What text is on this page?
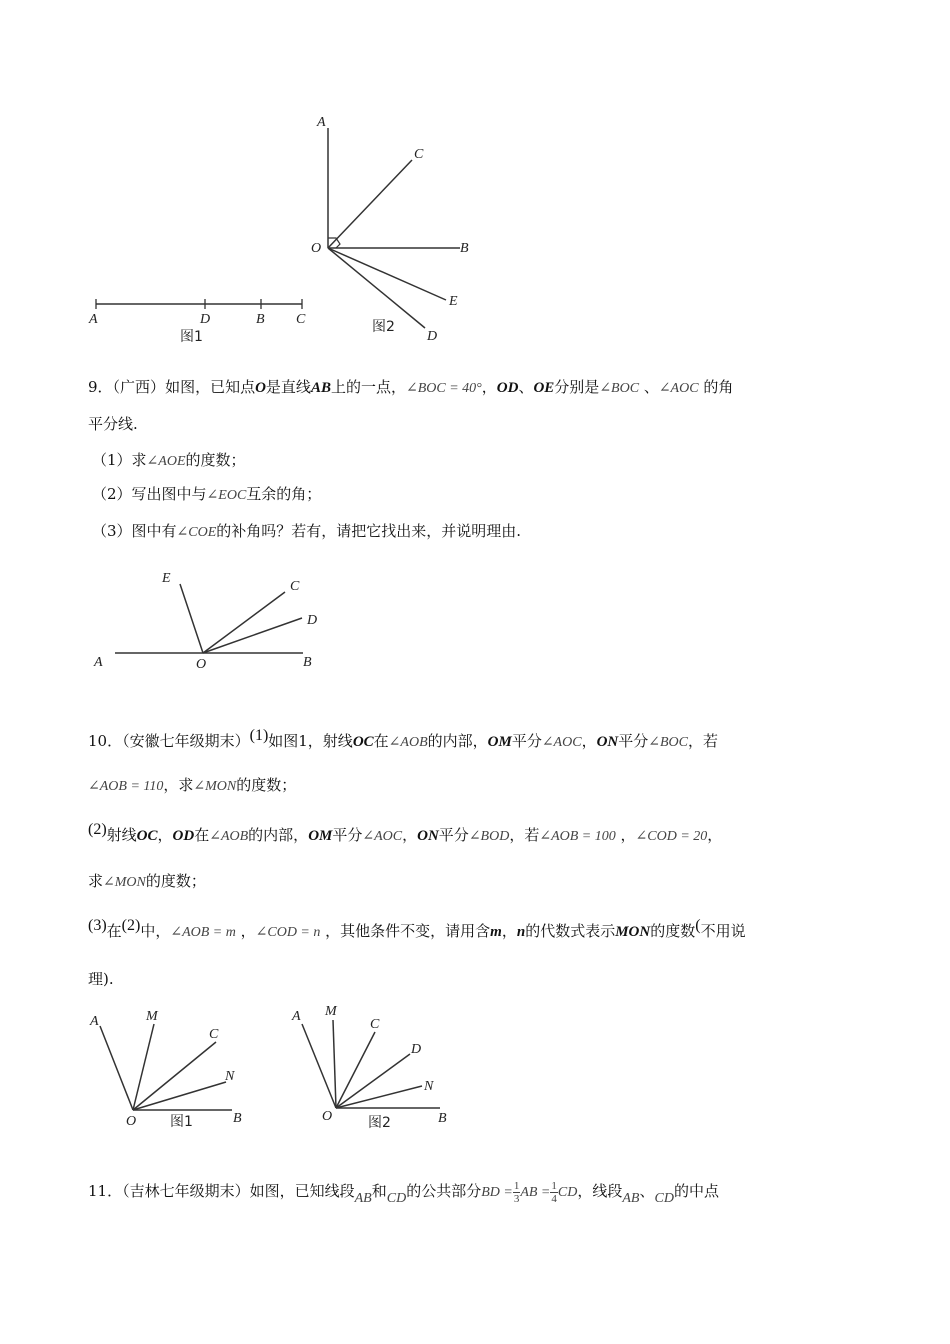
A	D	B C
图1
A
C
O	B
E
D
图2
9．（广西）如图，已知点O是直线AB上的一点，∠BOC = 40°，OD、OE分别是∠BOC 、∠AOC 的角
平分线.
（1）求∠AOE的度数；
（2）写出图中与∠EOC互余的角；
（3）图中有∠COE的补角吗？若有，请把它找出来，并说明理由.
E
C
D
A	O	B
10．（安徽七年级期末）(1)如图1，射线OC在∠AOB的内部，OM平分∠AOC，ON平分∠BOC，若
∠AOB = 110，求∠MON的度数；
(2)射线OC，OD在∠AOB的内部，OM平分∠AOC，ON平分∠BOD，若∠AOB = 100 ，∠COD = 20，
求∠MON的度数；
(3)在(2)中，∠AOB = m ，∠COD = n ，其他条件不变，请用含m，n的代数式表示MON的度数(不用说
理).
A	M
C
N
O	B
图1
A M
C
D
N
O	B
图2
11．（吉林七年级期末）如图，已知线段AB和CD的公共部分BD = $\frac{1}{3}$ AB = $\frac{1}{4}$ CD，线段AB、CD的中点
